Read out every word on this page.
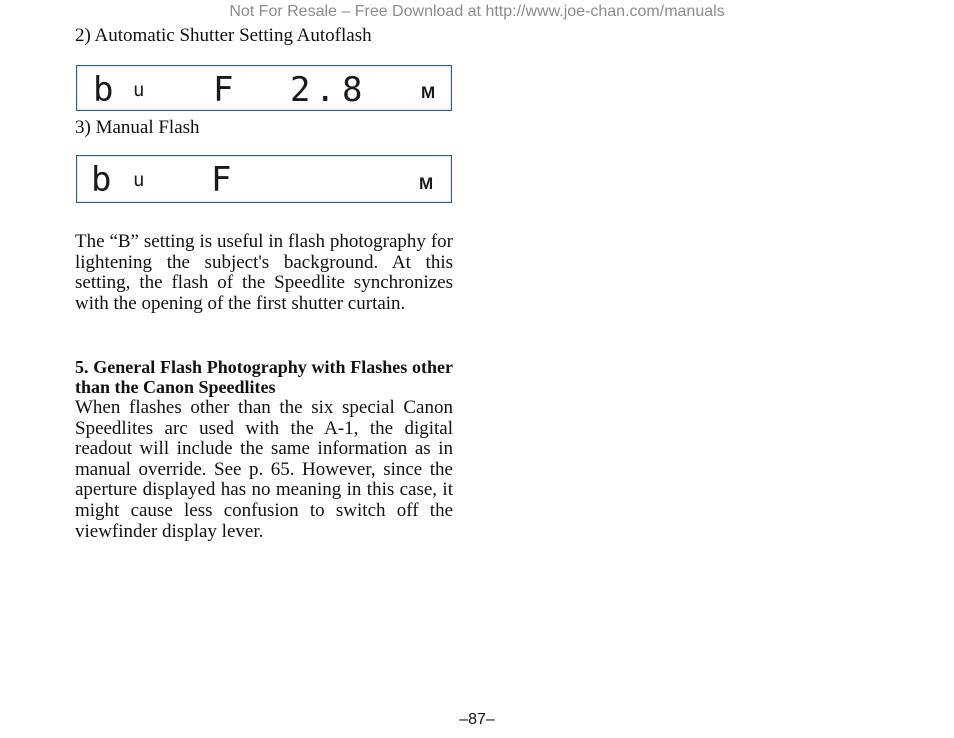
Not For Resale – Free Download at http://www.joe-chan.com/manuals
2) Automatic Shutter Setting Autoflash
b u F 2 . 8	M
3) Manual Flash
b u F	M

The “B” setting is useful in flash photography for lightening the subject's background. At this setting, the flash of the Speedlite synchronizes with the opening of the first shutter curtain.

5. General Flash Photography with Flashes other than the Canon Speedlites

When flashes other than the six special Canon Speedlites arc used with the A-1, the digital readout will include the same information as in manual override. See p. 65. However, since the aperture displayed has no meaning in this case, it might cause less confusion to switch off the viewfinder display lever.

–87–
